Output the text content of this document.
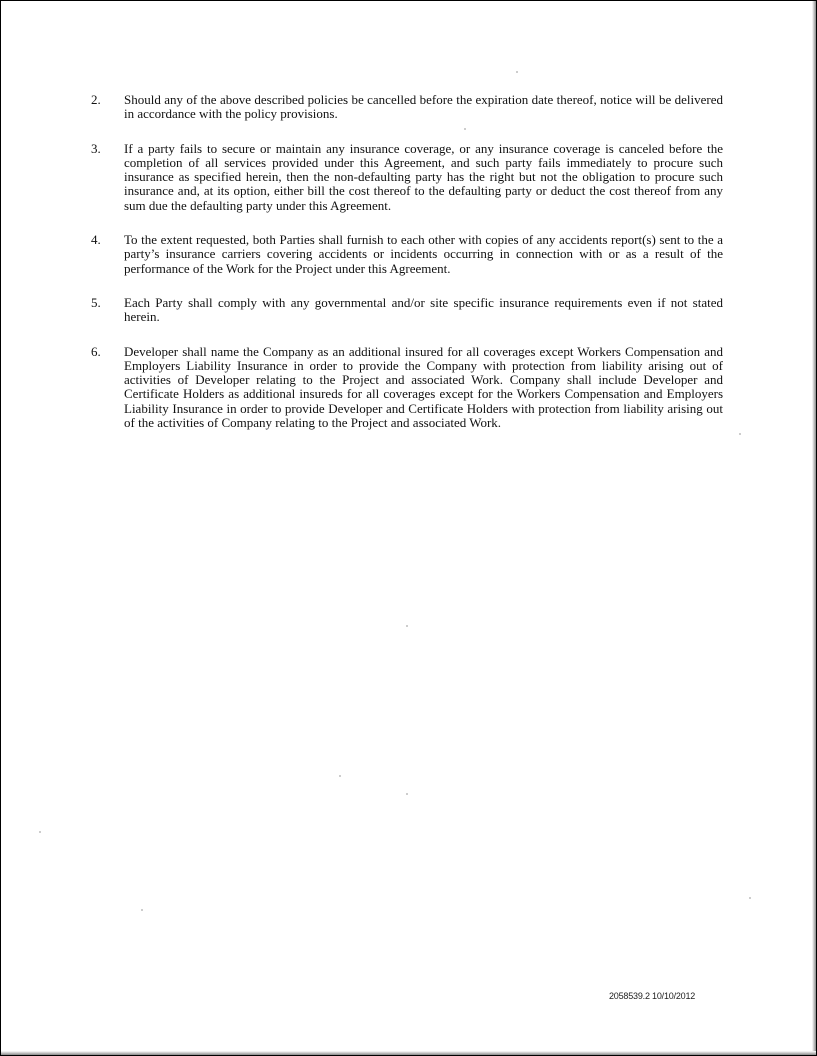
2.	Should any of the above described policies be cancelled before the expiration date thereof, notice will be delivered in accordance with the policy provisions.
3.	If a party fails to secure or maintain any insurance coverage, or any insurance coverage is canceled before the completion of all services provided under this Agreement, and such party fails immediately to procure such insurance as specified herein, then the non-defaulting party has the right but not the obligation to procure such insurance and, at its option, either bill the cost thereof to the defaulting party or deduct the cost thereof from any sum due the defaulting party under this Agreement.
4.	To the extent requested, both Parties shall furnish to each other with copies of any accidents report(s) sent to the a party’s insurance carriers covering accidents or incidents occurring in connection with or as a result of the performance of the Work for the Project under this Agreement.
5.	Each Party shall comply with any governmental and/or site specific insurance requirements even if not stated herein.
6.	Developer shall name the Company as an additional insured for all coverages except Workers Compensation and Employers Liability Insurance in order to provide the Company with protection from liability arising out of activities of Developer relating to the Project and associated Work. Company shall include Developer and Certificate Holders as additional insureds for all coverages except for the Workers Compensation and Employers Liability Insurance in order to provide Developer and Certificate Holders with protection from liability arising out of the activities of Company relating to the Project and associated Work.
2058539.2 10/10/2012
